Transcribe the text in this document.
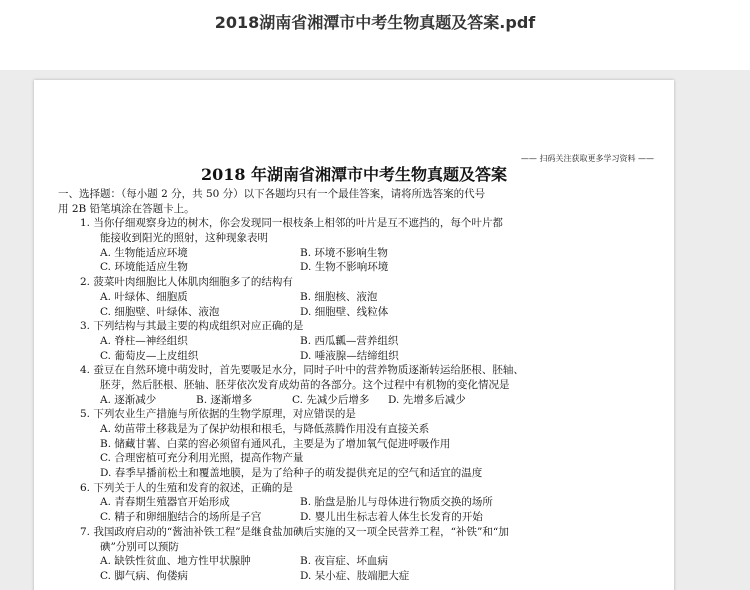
2018湖南省湘潭市中考生物真题及答案.pdf
—— 扫码关注获取更多学习资料 ——
2018 年湖南省湘潭市中考生物真题及答案
一、选择题：（每小题 2 分，共 50 分）以下各题均只有一个最佳答案，请将所选答案的代号
用 2B 铅笔填涂在答题卡上。
1. 当你仔细观察身边的树木，你会发现同一根枝条上相邻的叶片是互不遮挡的，每个叶片都
能接收到阳光的照射，这种现象表明
A. 生物能适应环境	B. 环境不影响生物
C. 环境能适应生物	D. 生物不影响环境
2. 菠菜叶肉细胞比人体肌肉细胞多了的结构有
A. 叶绿体、细胞质	B. 细胞核、液泡
C. 细胞壁、叶绿体、液泡	D. 细胞壁、线粒体
3. 下列结构与其最主要的构成组织对应正确的是
A. 脊柱—神经组织	B. 西瓜瓤—营养组织
C. 葡萄皮—上皮组织	D. 唾液腺—结缔组织
4. 蚕豆在自然环境中萌发时，首先要吸足水分，同时子叶中的营养物质逐渐转运给胚根、胚轴、
胚芽，然后胚根、胚轴、胚芽依次发育成幼苗的各部分。这个过程中有机物的变化情况是
A. 逐渐减少	B. 逐渐增多	C. 先减少后增多 D. 先增多后减少
5. 下列农业生产措施与所依据的生物学原理，对应错误的是
A. 幼苗带土移栽是为了保护幼根和根毛，与降低蒸腾作用没有直接关系
B. 储藏甘薯、白菜的窖必须留有通风孔，主要是为了增加氧气促进呼吸作用
C. 合理密植可充分利用光照，提高作物产量
D. 春季早播前松土和覆盖地膜，是为了给种子的萌发提供充足的空气和适宜的温度
6. 下列关于人的生殖和发育的叙述，正确的是
A. 青春期生殖器官开始形成	B. 胎盘是胎儿与母体进行物质交换的场所
C. 精子和卵细胞结合的场所是子宫	D. 婴儿出生标志着人体生长发育的开始
7. 我国政府启动的“酱油补铁工程”是继食盐加碘后实施的又一项全民营养工程，“补铁”和“加
碘”分别可以预防
A. 缺铁性贫血、地方性甲状腺肿	B. 夜盲症、坏血病
C. 脚气病、佝偻病	D. 呆小症、肢端肥大症
